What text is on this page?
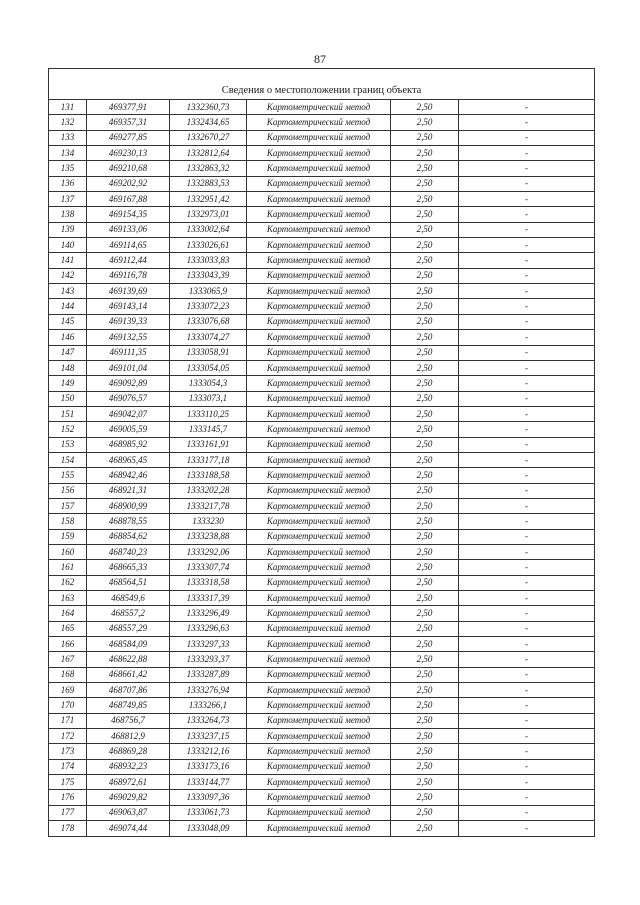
87
Сведения о местоположении границ объекта					
131	469377,91	1332360,73	Картометрический метод	2,50	-
132	469357,31	1332434,65	Картометрический метод	2,50	-
133	469277,85	1332670,27	Картометрический метод	2,50	-
134	469230,13	1332812,64	Картометрический метод	2,50	-
135	469210,68	1332863,32	Картометрический метод	2,50	-
136	469202,92	1332883,53	Картометрический метод	2,50	-
137	469167,88	1332951,42	Картометрический метод	2,50	-
138	469154,35	1332973,01	Картометрический метод	2,50	-
139	469133,06	1333002,64	Картометрический метод	2,50	-
140	469114,65	1333026,61	Картометрический метод	2,50	-
141	469112,44	1333033,83	Картометрический метод	2,50	-
142	469116,78	1333043,39	Картометрический метод	2,50	-
143	469139,69	1333065,9	Картометрический метод	2,50	-
144	469143,14	1333072,23	Картометрический метод	2,50	-
145	469139,33	1333076,68	Картометрический метод	2,50	-
146	469132,55	1333074,27	Картометрический метод	2,50	-
147	469111,35	1333058,91	Картометрический метод	2,50	-
148	469101,04	1333054,05	Картометрический метод	2,50	-
149	469092,89	1333054,3	Картометрический метод	2,50	-
150	469076,57	1333073,1	Картометрический метод	2,50	-
151	469042,07	1333110,25	Картометрический метод	2,50	-
152	469005,59	1333145,7	Картометрический метод	2,50	-
153	468985,92	1333161,91	Картометрический метод	2,50	-
154	468965,45	1333177,18	Картометрический метод	2,50	-
155	468942,46	1333188,58	Картометрический метод	2,50	-
156	468921,31	1333202,28	Картометрический метод	2,50	-
157	468900,99	1333217,78	Картометрический метод	2,50	-
158	468878,55	1333230	Картометрический метод	2,50	-
159	468854,62	1333238,88	Картометрический метод	2,50	-
160	468740,23	1333292,06	Картометрический метод	2,50	-
161	468665,33	1333307,74	Картометрический метод	2,50	-
162	468564,51	1333318,58	Картометрический метод	2,50	-
163	468549,6	1333317,39	Картометрический метод	2,50	-
164	468557,2	1333296,49	Картометрический метод	2,50	-
165	468557,29	1333296,63	Картометрический метод	2,50	-
166	468584,09	1333297,33	Картометрический метод	2,50	-
167	468622,88	1333293,37	Картометрический метод	2,50	-
168	468661,42	1333287,89	Картометрический метод	2,50	-
169	468707,86	1333276,94	Картометрический метод	2,50	-
170	468749,85	1333266,1	Картометрический метод	2,50	-
171	468756,7	1333264,73	Картометрический метод	2,50	-
172	468812,9	1333237,15	Картометрический метод	2,50	-
173	468869,28	1333212,16	Картометрический метод	2,50	-
174	468932,23	1333173,16	Картометрический метод	2,50	-
175	468972,61	1333144,77	Картометрический метод	2,50	-
176	469029,82	1333097,36	Картометрический метод	2,50	-
177	469063,87	1333061,73	Картометрический метод	2,50	-
178	469074,44	1333048,09	Картометрический метод	2,50	-
